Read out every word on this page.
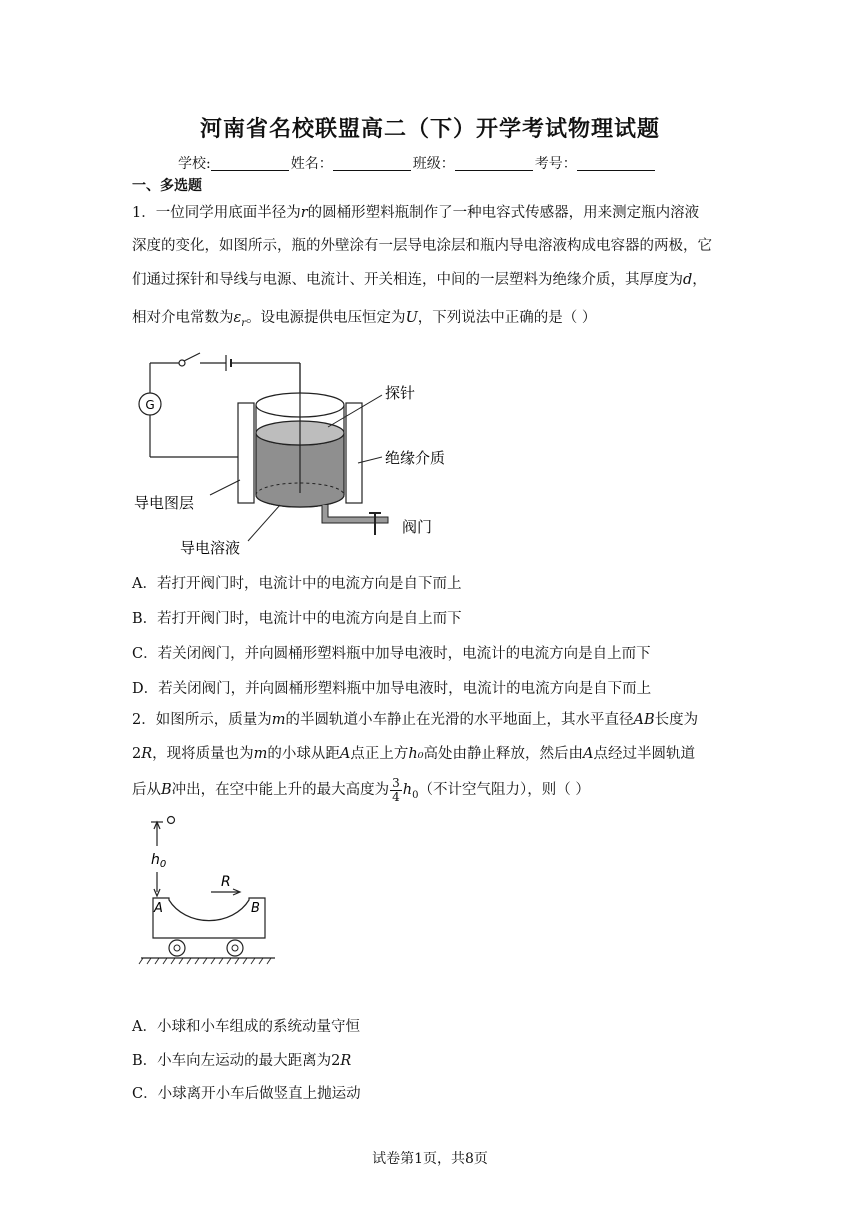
河南省名校联盟高二（下）开学考试物理试题
学校:	姓名：	班级：	考号：
一、多选题
1．一位同学用底面半径为r的圆桶形塑料瓶制作了一种电容式传感器，用来测定瓶内溶液
深度的变化，如图所示，瓶的外壁涂有一层导电涂层和瓶内导电溶液构成电容器的两极，它
们通过探针和导线与电源、电流计、开关相连，中间的一层塑料为绝缘介质，其厚度为d，
相对介电常数为$\varepsilon_r$。设电源提供电压恒定为U，下列说法中正确的是（ ）
G
探针
绝缘介质
导电图层
阀门
导电溶液
A．若打开阀门时，电流计中的电流方向是自下而上
B．若打开阀门时，电流计中的电流方向是自上而下
C．若关闭阀门，并向圆桶形塑料瓶中加导电液时，电流计的电流方向是自上而下
D．若关闭阀门，并向圆桶形塑料瓶中加导电液时，电流计的电流方向是自下而上
2．如图所示，质量为m的半圆轨道小车静止在光滑的水平地面上，其水平直径AB长度为
2R，现将质量也为m的小球从距A点正上方h₀高处由静止释放，然后由A点经过半圆轨道
后从B冲出，在空中能上升的最大高度为 $\frac{3}{4} h_0$（不计空气阻力），则（ ）
$h_0$
R
A	B
A．小球和小车组成的系统动量守恒
B．小车向左运动的最大距离为2R
C．小球离开小车后做竖直上抛运动
试卷第1页，共8页
